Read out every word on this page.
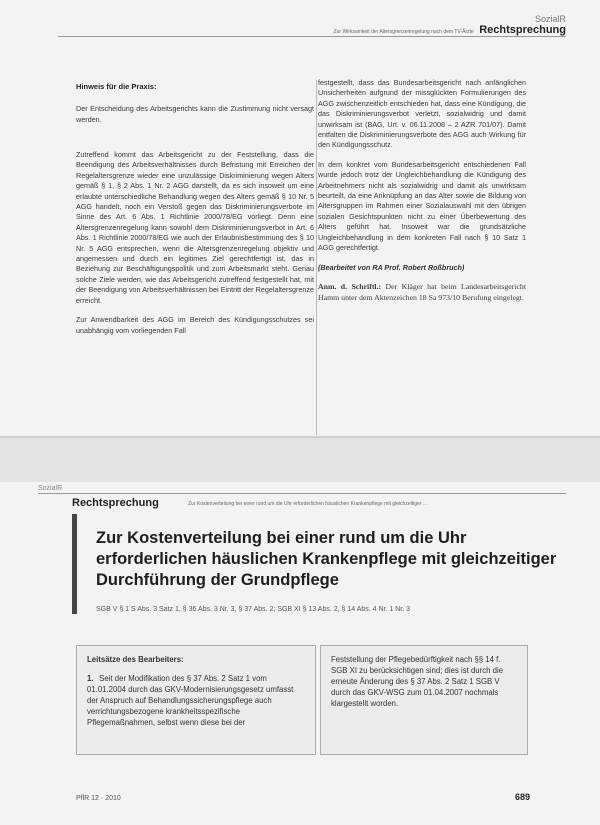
SozialR
Zur Wirksamkeit der Altersgrenzenregelung nach dem TV-Ärzte Rechtsprechung
Hinweis für die Praxis:

Der Entscheidung des Arbeitsgerichts kann die Zustimmung nicht versagt werden.

Zutreffend kommt das Arbeitsgericht zu der Feststellung, dass die Beendigung des Arbeitsverhältnisses durch Befristung mit Erreichen der Regelaltersgrenze wieder eine unzulässige Diskriminierung wegen Alters gemäß § 1, § 2 Abs. 1 Nr. 2 AGG darstellt, da es sich insoweit um eine erlaubte unterschiedliche Behandlung wegen des Alters gemäß § 10 Nr. 5 AGG handelt, noch ein Verstoß gegen das Diskriminierungsverbote im Sinne des Art. 6 Abs. 1 Richtlinie 2000/78/EG vorliegt. Denn eine Altersgrenzenregelung kann sowohl dem Diskriminierungsverbot in Art. 6 Abs. 1 Richtlinie 2000/78/EG wie auch der Erlaubnisbestimmung des § 10 Nr. 5 AGG entsprechen, wenn die Altersgrenzenregelung objektiv und angemessen und durch ein legitimes Ziel gerechtfertigt ist, das in Beziehung zur Beschäftigungspolitik und zum Arbeitsmarkt steht. Genau solche Ziele werden, wie das Arbeitsgericht zutreffend festgestellt hat, mit der Beendigung von Arbeitsverhältnissen bei Eintritt der Regelaltersgrenze erreicht.

Zur Anwendbarkeit des AGG im Bereich des Kündigungsschutzes sei unabhängig vom vorliegenden Fall

festgestellt, dass das Bundesarbeitsgericht nach anfänglichen Unsicherheiten aufgrund der missglückten Formulierungen des AGG zwischenzeitlich entschieden hat, dass eine Kündigung, die das Diskriminierungsverbot verletzt, sozialwidrig und damit unwirksam ist (BAG, Urt. v. 06.11.2008 – 2 AZR 701/07). Damit entfalten die Diskriminierungsverbote des AGG auch Wirkung für den Kündigungsschutz.

In dem konkret vom Bundesarbeitsgericht entschiedenen Fall wurde jedoch trotz der Ungleichbehandlung die Kündigung des Arbeitnehmers nicht als sozialwidrig und damit als unwirksam beurteilt, da eine Anknüpfung an das Alter sowie die Bildung von Altersgruppen im Rahmen einer Sozialauswahl mit den übrigen sozialen Gesichtspunkten nicht zu einer Überbewertung des Alters geführt hat. Insoweit war die grundsätzliche Ungleichbehandlung in dem konkreten Fall nach § 10 Satz 1 AGG gerechtfertigt.

(Bearbeitet von RA Prof. Robert Roßbruch)

Anm. d. Schriftl.: Der Kläger hat beim Landesarbeitsgericht Hamm unter dem Aktenzeichen 18 Sa 973/10 Berufung eingelegt.

SozialR
Rechtsprechung	Zur Kostenverteilung bei einer rund um die Uhr erforderlichen häuslichen Krankenpflege mit gleichzeitiger ...
Zur Kostenverteilung bei einer rund um die Uhr erforderlichen häuslichen Krankenpflege mit gleichzeitiger Durchführung der Grundpflege
SGB V § 1 S Abs. 3 Satz 1, § 36 Abs. 3 Nr. 3, § 37 Abs. 2; SGB XI § 13 Abs. 2, § 14 Abs. 4 Nr. 1 Nr. 3
Leitsätze des Bearbeiters:
1. Seit der Modifikation des § 37 Abs. 2 Satz 1 vom 01.01.2004 durch das GKV-Modernisierungsgesetz umfasst der Anspruch auf Behandlungssicherungspflege auch verrichtungsbezogene krankheitsspezifische Pflegemaßnahmen, selbst wenn diese bei der
Feststellung der Pflegebedürftigkeit nach §§ 14 f. SGB XI zu berücksichtigen sind; dies ist durch die erneute Änderung des § 37 Abs. 2 Satz 1 SGB V durch das GKV-WSG zum 01.04.2007 nochmals klargestellt worden.
PflR 12 · 2010	689
